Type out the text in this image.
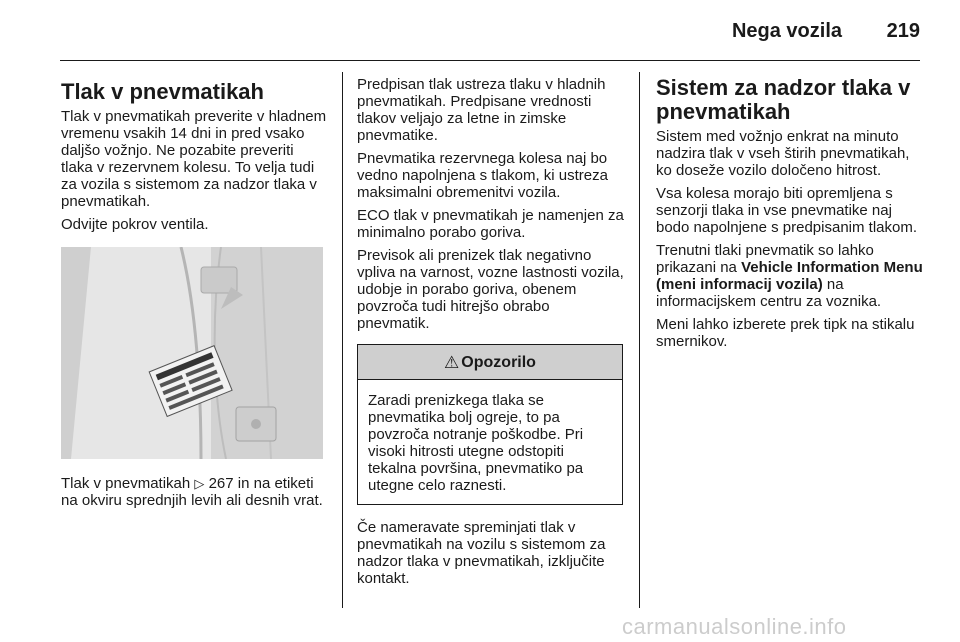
Nega vozila 219
Tlak v pnevmatikah

Tlak v pnevmatikah preverite v hladnem vremenu vsakih 14 dni in pred vsako daljšo vožnjo. Ne pozabite preveriti tlaka v rezervnem kolesu. To velja tudi za vozila s sistemom za nadzor tlaka v pnevmatikah.

Odvijte pokrov ventila.

Tlak v pnevmatikah ▷ 267 in na etiketi na okviru sprednjih levih ali desnih vrat.

Predpisan tlak ustreza tlaku v hladnih pnevmatikah. Predpisane vrednosti tlakov veljajo za letne in zimske pnevmatike.

Pnevmatika rezervnega kolesa naj bo vedno napolnjena s tlakom, ki ustreza maksimalni obremenitvi vozila.

ECO tlak v pnevmatikah je namenjen za minimalno porabo goriva.

Previsok ali prenizek tlak negativno vpliva na varnost, vozne lastnosti vozila, udobje in porabo goriva, obenem povzroča tudi hitrejšo obrabo pnevmatik.

⚠ Opozorilo
Zaradi prenizkega tlaka se pnevmatika bolj ogreje, to pa povzroča notranje poškodbe. Pri visoki hitrosti utegne odstopiti tekalna površina, pnevmatiko pa utegne celo raznesti.

Če nameravate spreminjati tlak v pnevmatikah na vozilu s sistemom za nadzor tlaka v pnevmatikah, izključite kontakt.

Sistem za nadzor tlaka v pnevmatikah

Sistem med vožnjo enkrat na minuto nadzira tlak v vseh štirih pnevmatikah, ko doseže vozilo določeno hitrost.

Vsa kolesa morajo biti opremljena s senzorji tlaka in vse pnevmatike naj bodo napolnjene s predpisanim tlakom.

Trenutni tlaki pnevmatik so lahko prikazani na Vehicle Information Menu (meni informacij vozila) na informacijskem centru za voznika.

Meni lahko izberete prek tipk na stikalu smernikov.

carmanualsonline.info
